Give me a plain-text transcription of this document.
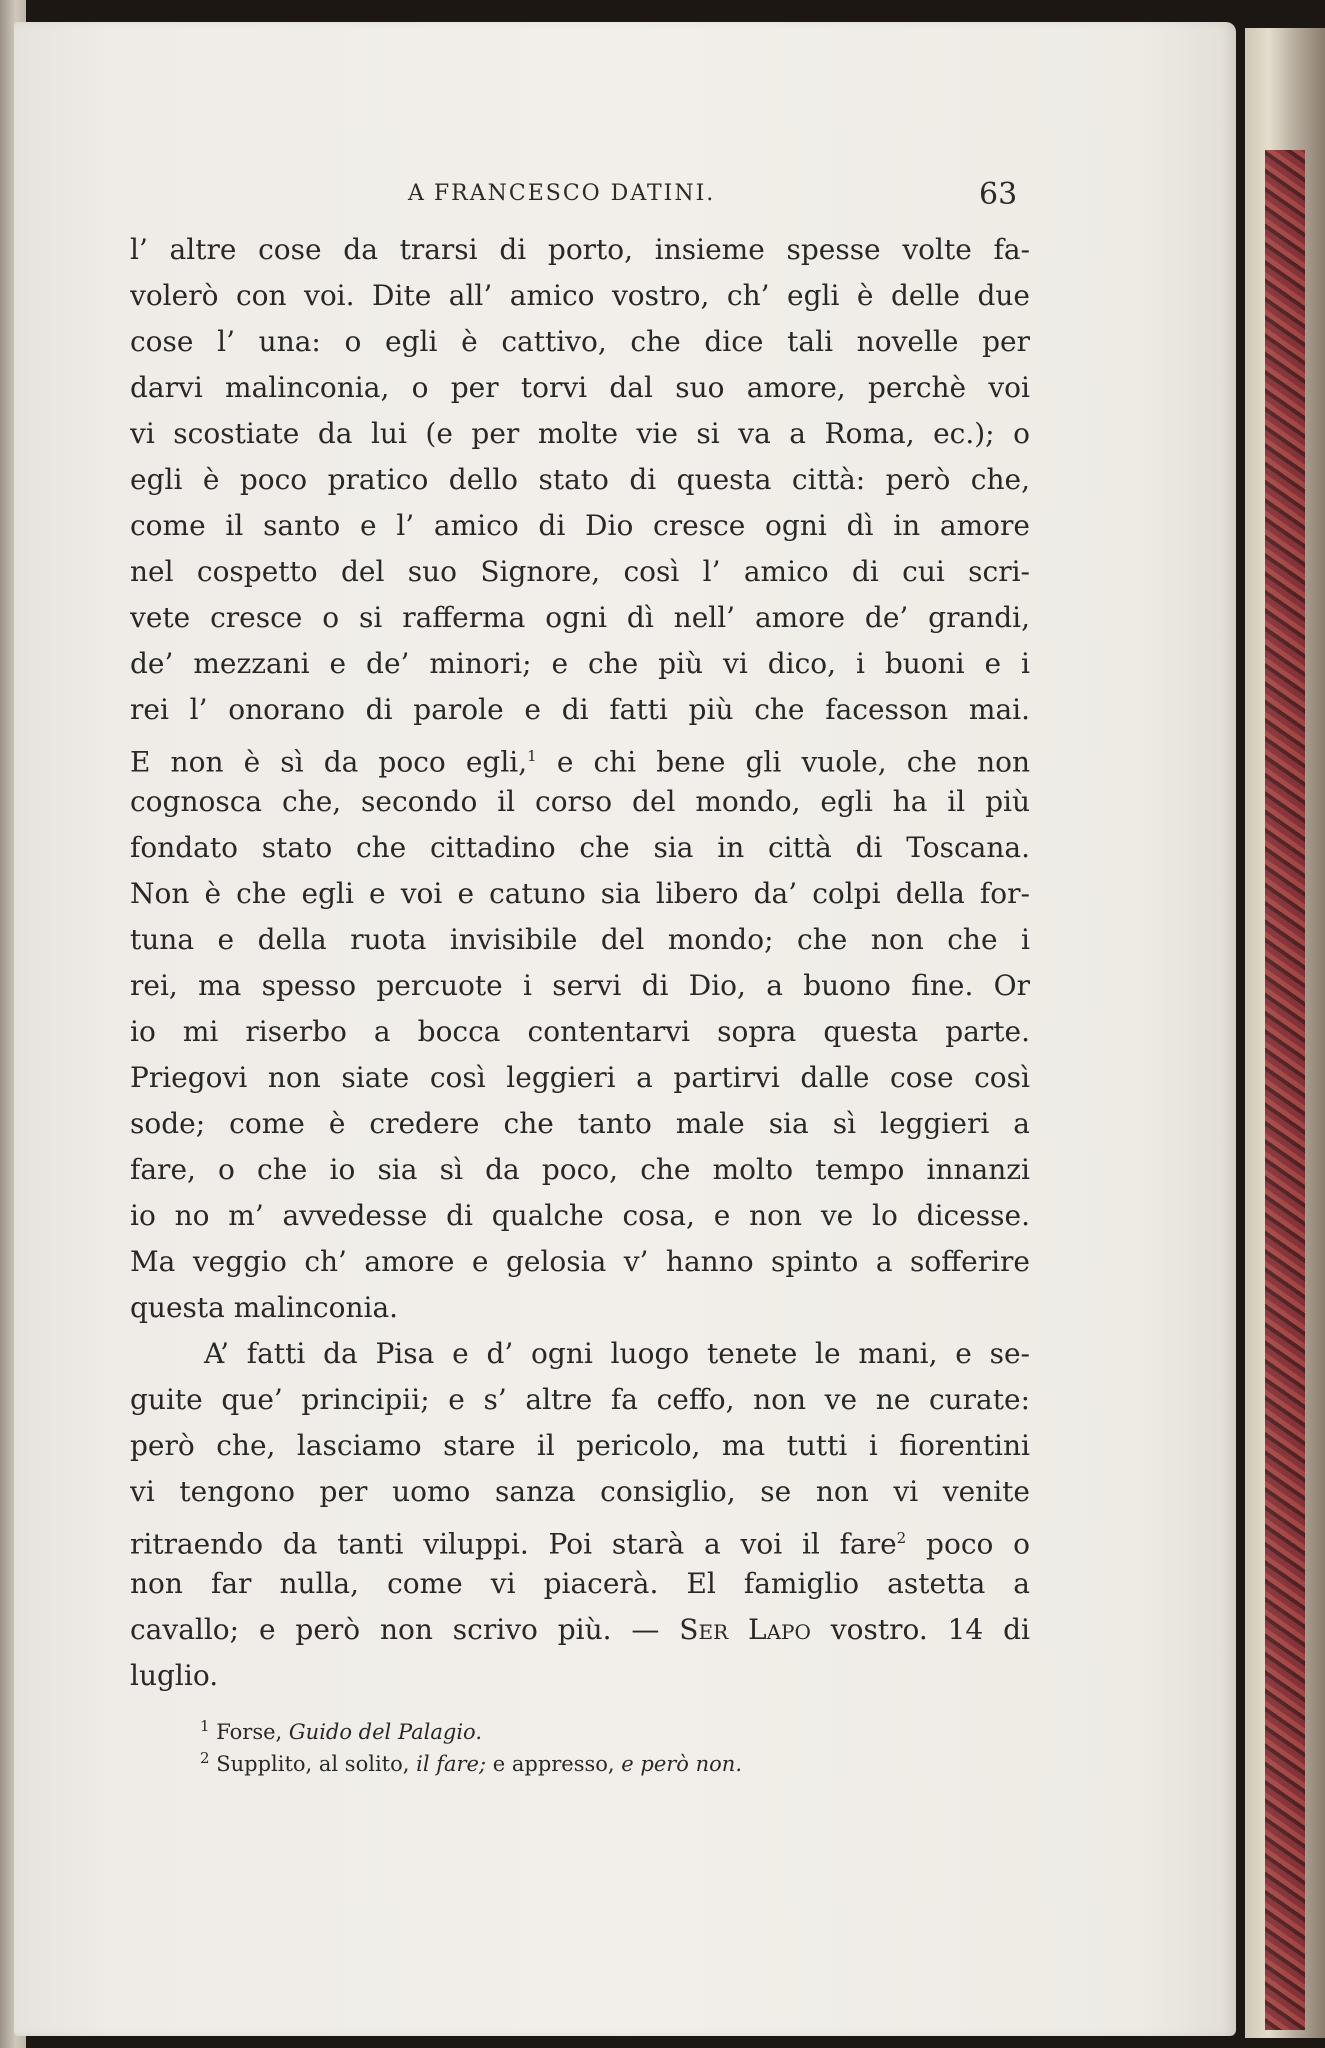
A FRANCESCO DATINI.	63
l’ altre cose da trarsi di porto, insieme spesse volte fa-
volerò con voi. Dite all’ amico vostro, ch’ egli è delle due
cose l’ una: o egli è cattivo, che dice tali novelle per
darvi malinconia, o per torvi dal suo amore, perchè voi
vi scostiate da lui (e per molte vie si va a Roma, ec.); o
egli è poco pratico dello stato di questa città: però che,
come il santo e l’ amico di Dio cresce ogni dì in amore
nel cospetto del suo Signore, così l’ amico di cui scri-
vete cresce o si rafferma ogni dì nell’ amore de’ grandi,
de’ mezzani e de’ minori; e che più vi dico, i buoni e i
rei l’ onorano di parole e di fatti più che facesson mai.
E non è sì da poco egli,$^1$ e chi bene gli vuole, che non
cognosca che, secondo il corso del mondo, egli ha il più
fondato stato che cittadino che sia in città di Toscana.
Non è che egli e voi e catuno sia libero da’ colpi della for-
tuna e della ruota invisibile del mondo; che non che i
rei, ma spesso percuote i servi di Dio, a buono fine. Or
io mi riserbo a bocca contentarvi sopra questa parte.
Priegovi non siate così leggieri a partirvi dalle cose così
sode; come è credere che tanto male sia sì leggieri a
fare, o che io sia sì da poco, che molto tempo innanzi
io no m’ avvedesse di qualche cosa, e non ve lo dicesse.
Ma veggio ch’ amore e gelosia v’ hanno spinto a sofferire
questa malinconia.
A’ fatti da Pisa e d’ ogni luogo tenete le mani, e se-
guite que’ principii; e s’ altre fa ceffo, non ve ne curate:
però che, lasciamo stare il pericolo, ma tutti i fiorentini
vi tengono per uomo sanza consiglio, se non vi venite
ritraendo da tanti viluppi. Poi starà a voi il fare$^2$ poco o
non far nulla, come vi piacerà. El famiglio astetta a
cavallo; e però non scrivo più. — Ser Lapo vostro. 14 di
luglio.
$^1$ Forse, Guido del Palagio.
$^2$ Supplito, al solito, il fare; e appresso, e però non.
